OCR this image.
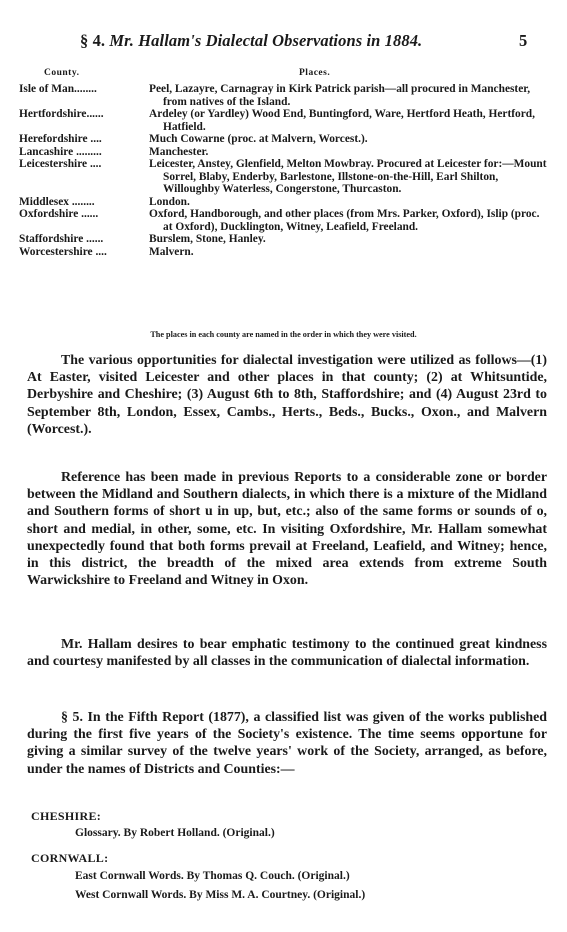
§ 4. Mr. Hallam's Dialectal Observations in 1884.	5
County.	Places.
Isle of Man........	Peel, Lazayre, Carnagray in Kirk Patrick parish—all procured in Manchester, from natives of the Island.
Hertfordshire......	Ardeley (or Yardley) Wood End, Buntingford, Ware, Hertford Heath, Hertford, Hatfield.
Herefordshire ....	Much Cowarne (proc. at Malvern, Worcest.).
Lancashire .........	Manchester.
Leicestershire ....	Leicester, Anstey, Glenfield, Melton Mowbray. Procured at Leicester for:—Mount Sorrel, Blaby, Enderby, Barlestone, Illstone-on-the-Hill, Earl Shilton, Willoughby Waterless, Congerstone, Thurcaston.
Middlesex ........	London.
Oxfordshire ......	Oxford, Handborough, and other places (from Mrs. Parker, Oxford), Islip (proc. at Oxford), Ducklington, Witney, Leafield, Freeland.
Staffordshire ......	Burslem, Stone, Hanley.
Worcestershire ....	Malvern.
The places in each county are named in the order in which they were visited.

The various opportunities for dialectal investigation were utilized as follows—(1) At Easter, visited Leicester and other places in that county; (2) at Whitsuntide, Derbyshire and Cheshire; (3) August 6th to 8th, Staffordshire; and (4) August 23rd to September 8th, London, Essex, Cambs., Herts., Beds., Bucks., Oxon., and Malvern (Worcest.).

Reference has been made in previous Reports to a considerable zone or border between the Midland and Southern dialects, in which there is a mixture of the Midland and Southern forms of short u in up, but, etc.; also of the same forms or sounds of o, short and medial, in other, some, etc. In visiting Oxfordshire, Mr. Hallam somewhat unexpectedly found that both forms prevail at Freeland, Leafield, and Witney; hence, in this district, the breadth of the mixed area extends from extreme South Warwickshire to Freeland and Witney in Oxon.

Mr. Hallam desires to bear emphatic testimony to the continued great kindness and courtesy manifested by all classes in the communication of dialectal information.

§ 5. In the Fifth Report (1877), a classified list was given of the works published during the first five years of the Society's existence. The time seems opportune for giving a similar survey of the twelve years' work of the Society, arranged, as before, under the names of Districts and Counties:—

CHESHIRE:
Glossary. By Robert Holland. (Original.)
CORNWALL:
East Cornwall Words. By Thomas Q. Couch. (Original.)
West Cornwall Words. By Miss M. A. Courtney. (Original.)
